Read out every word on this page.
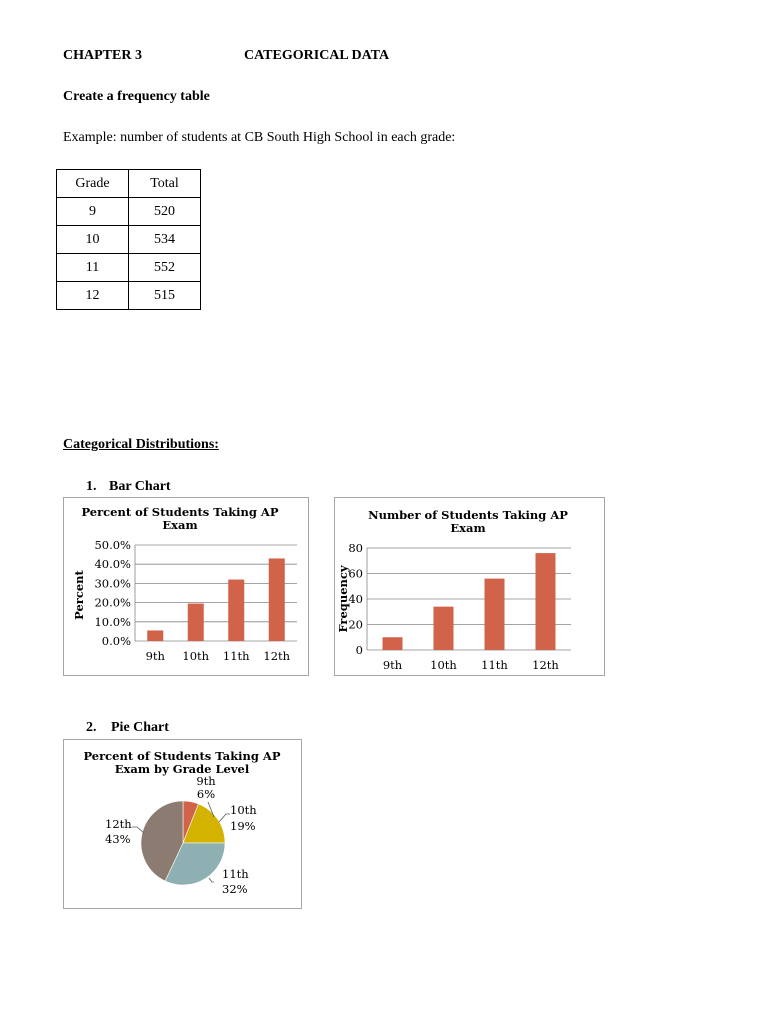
CHAPTER 3	CATEGORICAL DATA
Create a frequency table
Example: number of students at CB South High School in each grade:
Grade	Total
9	520
10	534
11	552
12	515
Categorical Distributions:
1. Bar Chart
2. Pie Chart
Percent of Students Taking AP
Exam
Percent
0.0%
10.0%
20.0%
30.0%
40.0%
50.0%
9th 10th 11th 12th
Number of Students Taking AP
Exam
Frequency
0
20
40
60
80
9th 10th 11th 12th
Percent of Students Taking AP
Exam by Grade Level
9th
6%
10th
19%
11th
32%
12th
43%
